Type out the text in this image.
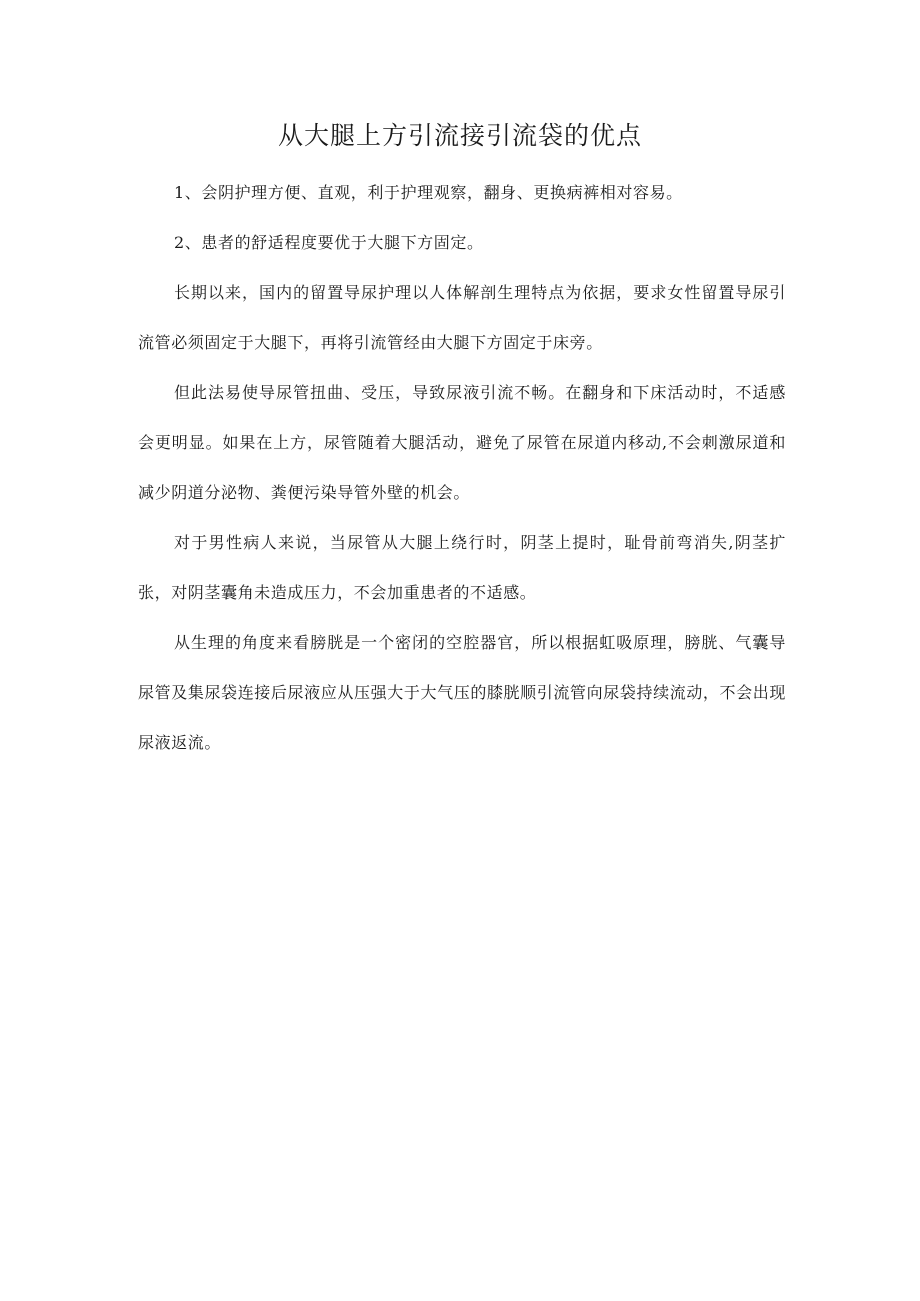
从大腿上方引流接引流袋的优点

1、会阴护理方便、直观，利于护理观察，翻身、更换病裤相对容易。

2、患者的舒适程度要优于大腿下方固定。

长期以来，国内的留置导尿护理以人体解剖生理特点为依据，要求女性留置导尿引流管必须固定于大腿下，再将引流管经由大腿下方固定于床旁。

但此法易使导尿管扭曲、受压，导致尿液引流不畅。在翻身和下床活动时，不适感会更明显。如果在上方，尿管随着大腿活动，避免了尿管在尿道内移动,不会刺激尿道和减少阴道分泌物、粪便污染导管外壁的机会。

对于男性病人来说，当尿管从大腿上绕行时，阴茎上提时，耻骨前弯消失,阴茎扩张，对阴茎囊角未造成压力，不会加重患者的不适感。

从生理的角度来看膀胱是一个密闭的空腔器官，所以根据虹吸原理，膀胱、气囊导尿管及集尿袋连接后尿液应从压强大于大气压的膝胱顺引流管向尿袋持续流动，不会出现尿液返流。
